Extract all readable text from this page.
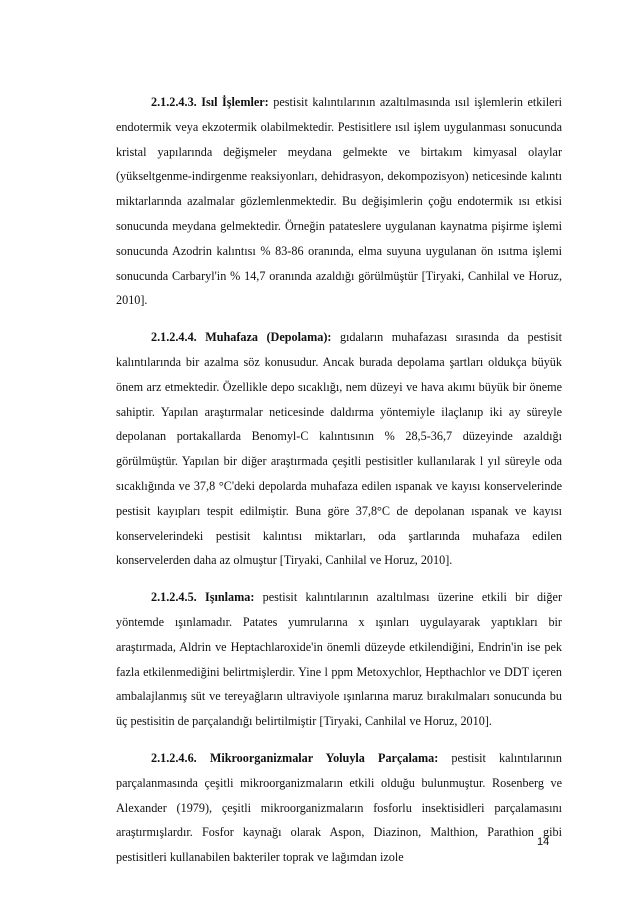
2.1.2.4.3. Isıl İşlemler: pestisit kalıntılarının azaltılmasında ısıl işlemlerin etkileri endotermik veya ekzotermik olabilmektedir. Pestisitlere ısıl işlem uygulanması sonucunda kristal yapılarında değişmeler meydana gelmekte ve birtakım kimyasal olaylar (yükseltgenme-indirgenme reaksiyonları, dehidrasyon, dekompozisyon) neticesinde kalıntı miktarlarında azalmalar gözlemlenmektedir. Bu değişimlerin çoğu endotermik ısı etkisi sonucunda meydana gelmektedir. Örneğin patateslere uygulanan kaynatma pişirme işlemi sonucunda Azodrin kalıntısı % 83-86 oranında, elma suyuna uygulanan ön ısıtma işlemi sonucunda Carbaryl'in % 14,7 oranında azaldığı görülmüştür [Tiryaki, Canhilal ve Horuz, 2010].

2.1.2.4.4. Muhafaza (Depolama): gıdaların muhafazası sırasında da pestisit kalıntılarında bir azalma söz konusudur. Ancak burada depolama şartları oldukça büyük önem arz etmektedir. Özellikle depo sıcaklığı, nem düzeyi ve hava akımı büyük bir öneme sahiptir. Yapılan araştırmalar neticesinde daldırma yöntemiyle ilaçlanıp iki ay süreyle depolanan portakallarda Benomyl-C kalıntısının % 28,5-36,7 düzeyinde azaldığı görülmüştür. Yapılan bir diğer araştırmada çeşitli pestisitler kullanılarak l yıl süreyle oda sıcaklığında ve 37,8 °C'deki depolarda muhafaza edilen ıspanak ve kayısı konservelerinde pestisit kayıpları tespit edilmiştir. Buna göre 37,8°C de depolanan ıspanak ve kayısı konservelerindeki pestisit kalıntısı miktarları, oda şartlarında muhafaza edilen konservelerden daha az olmuştur [Tiryaki, Canhilal ve Horuz, 2010].

2.1.2.4.5. Işınlama: pestisit kalıntılarının azaltılması üzerine etkili bir diğer yöntemde ışınlamadır. Patates yumrularına x ışınları uygulayarak yaptıkları bir araştırmada, Aldrin ve Heptachlaroxide'in önemli düzeyde etkilendiğini, Endrin'in ise pek fazla etkilenmediğini belirtmişlerdir. Yine l ppm Metoxychlor, Hepthachlor ve DDT içeren ambalajlanmış süt ve tereyağların ultraviyole ışınlarına maruz bırakılmaları sonucunda bu üç pestisitin de parçalandığı belirtilmiştir [Tiryaki, Canhilal ve Horuz, 2010].

2.1.2.4.6. Mikroorganizmalar Yoluyla Parçalama: pestisit kalıntılarının parçalanmasında çeşitli mikroorganizmaların etkili olduğu bulunmuştur. Rosenberg ve Alexander (1979), çeşitli mikroorganizmaların fosforlu insektisidleri parçalamasını araştırmışlardır. Fosfor kaynağı olarak Aspon, Diazinon, Malthion, Parathion gibi pestisitleri kullanabilen bakteriler toprak ve lağımdan izole

14
